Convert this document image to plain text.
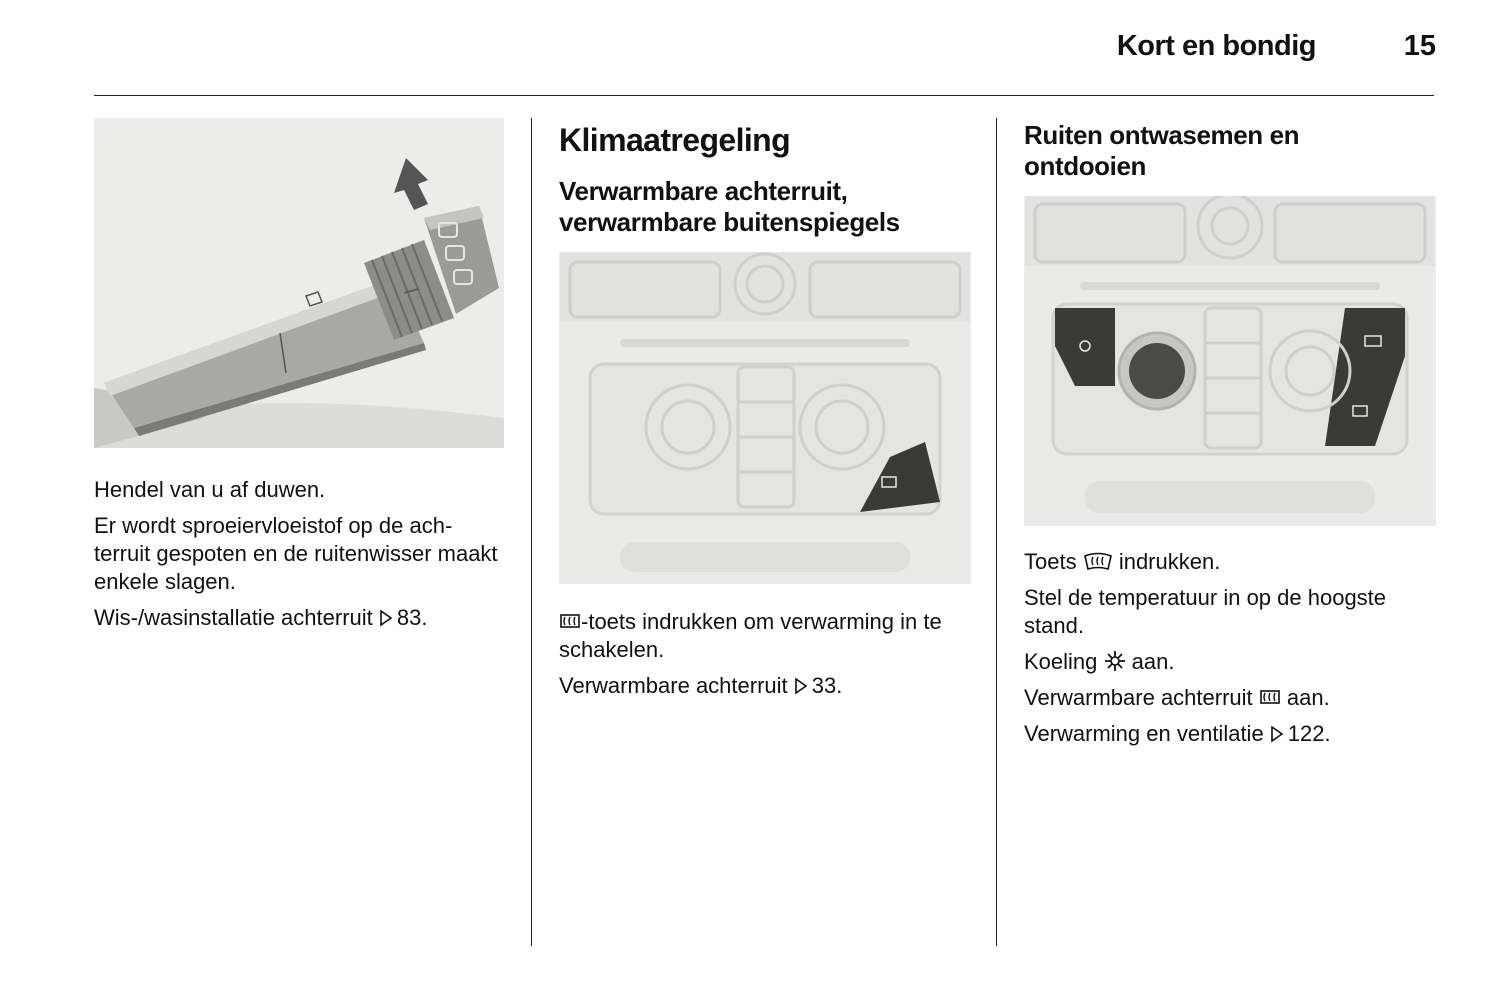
Kort en bondig	15

Hendel van u af duwen.

Er wordt sproeiervloeistof op de ach-terruit gespoten en de ruitenwisser maakt enkele slagen.

Wis-/wasinstallatie achterruit 83.

Klimaatregeling
Verwarmbare achterruit,
verwarmbare buitenspiegels

-toets indrukken om verwarming in te schakelen.

Verwarmbare achterruit 33.

Ruiten ontwasemen en
ontdooien

Toets  indrukken.

Stel de temperatuur in op de hoogste stand.

Koeling  aan.

Verwarmbare achterruit  aan.

Verwarming en ventilatie 122.
